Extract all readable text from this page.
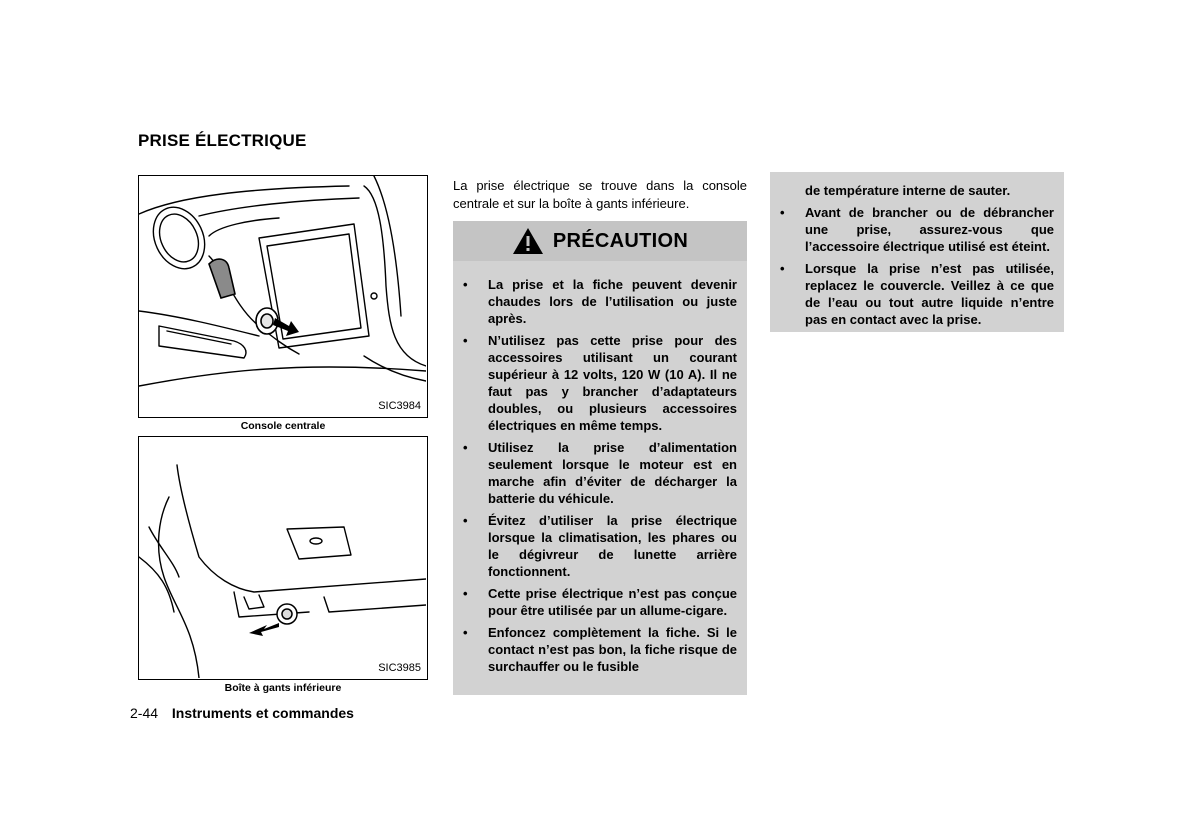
PRISE ÉLECTRIQUE
SIC3984
Console centrale
SIC3985
Boîte à gants inférieure

La prise électrique se trouve dans la console centrale et sur la boîte à gants inférieure.

PRÉCAUTION
• La prise et la fiche peuvent devenir chaudes lors de l’utilisation ou juste après.
• N’utilisez pas cette prise pour des accessoires utilisant un courant supérieur à 12 volts, 120 W (10 A). Il ne faut pas y brancher d’adaptateurs doubles, ou plusieurs accessoires électriques en même temps.
• Utilisez la prise d’alimentation seulement lorsque le moteur est en marche afin d’éviter de décharger la batterie du véhicule.
• Évitez d’utiliser la prise électrique lorsque la climatisation, les phares ou le dégivreur de lunette arrière fonctionnent.
• Cette prise électrique n’est pas conçue pour être utilisée par un allume-cigare.
• Enfoncez complètement la fiche. Si le contact n’est pas bon, la fiche risque de surchauffer ou le fusible

de température interne de sauter.

• Avant de brancher ou de débrancher une prise, assurez-vous que l’accessoire électrique utilisé est éteint.
• Lorsque la prise n’est pas utilisée, replacez le couvercle. Veillez à ce que de l’eau ou tout autre liquide n’entre pas en contact avec la prise.
2-44 Instruments et commandes
